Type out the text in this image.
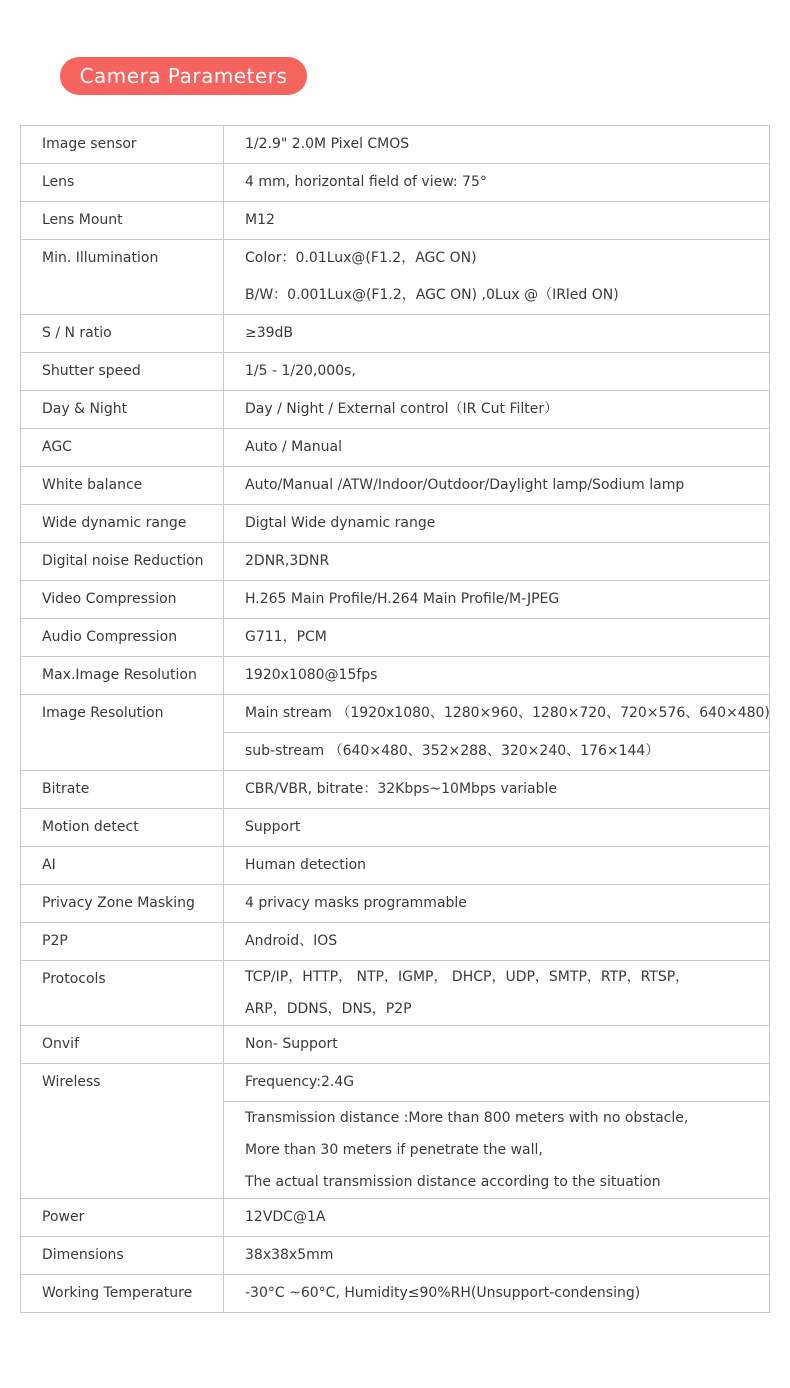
Camera Parameters
Image sensor	1/2.9" 2.0M Pixel CMOS

Lens	4 mm, horizontal field of view: 75°

Lens Mount	M12

Min. Illumination	Color：0.01Lux@(F1.2，AGC ON)
B/W：0.001Lux@(F1.2，AGC ON) ,0Lux @（IRled ON)

S / N ratio	≥39dB

Shutter speed	1/5 - 1/20,000s,

Day & Night	Day / Night / External control（IR Cut Filter）

AGC	Auto / Manual

White balance	Auto/Manual /ATW/Indoor/Outdoor/Daylight lamp/Sodium lamp

Wide dynamic range	Digtal Wide dynamic range

Digital noise Reduction	2DNR,3DNR

Video Compression	H.265 Main Profile/H.264 Main Profile/M-JPEG

Audio Compression	G711，PCM

Max.Image Resolution	1920x1080@15fps

Image Resolution	Main stream （1920x1080、1280×960、1280×720、720×576、640×480)

	sub-stream （640×480、352×288、320×240、176×144）

Bitrate	CBR/VBR, bitrate：32Kbps~10Mbps variable

Motion detect	Support

AI	Human detection

Privacy Zone Masking	4 privacy masks programmable

P2P	Android、IOS

Protocols	TCP/IP，HTTP， NTP，IGMP， DHCP，UDP，SMTP，RTP，RTSP，
ARP，DDNS，DNS，P2P

Onvif	Non- Support

Wireless	Frequency:2.4G

	Transmission distance :More than 800 meters with no obstacle,
More than 30 meters if penetrate the wall,
The actual transmission distance according to the situation

Power	12VDC@1A

Dimensions	38x38x5mm

Working Temperature	-30°C ~60°C, Humidity≤90%RH(Unsupport-condensing)
